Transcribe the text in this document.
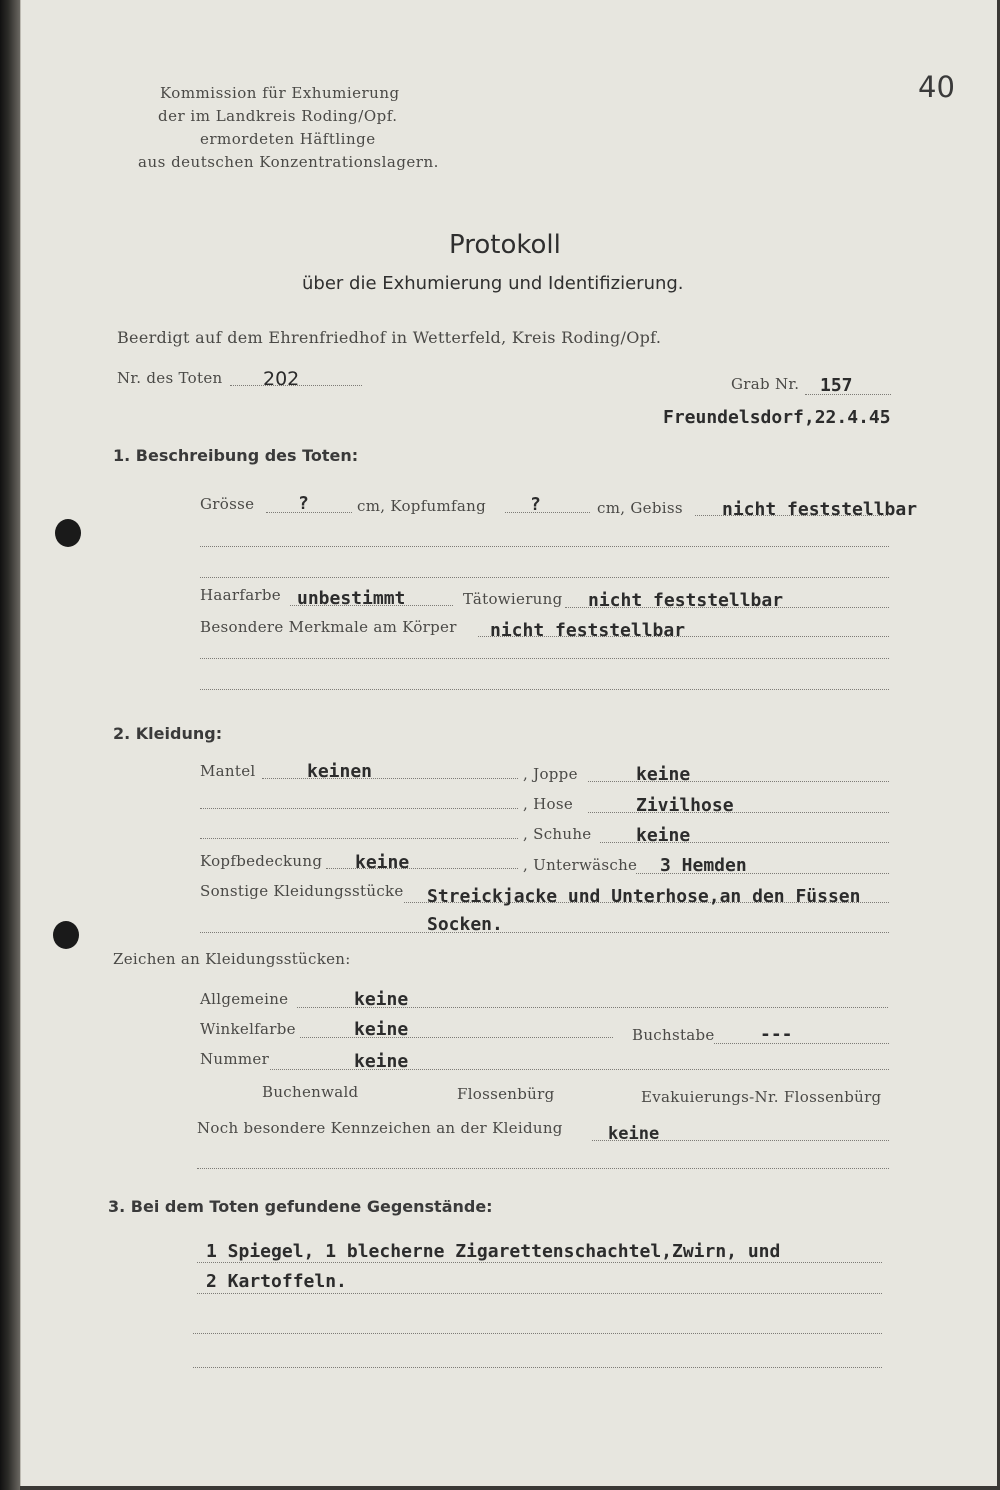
Kommission für Exhumierung
der im Landkreis Roding/Opf.
ermordeten Häftlinge
aus deutschen Konzentrationslagern.
40
Protokoll
über die Exhumierung und Identifizierung.
Beerdigt auf dem Ehrenfriedhof in Wetterfeld, Kreis Roding/Opf.
Nr. des Toten 202	Grab Nr. 157
Freundelsdorf,22.4.45
1. Beschreibung des Toten:
Grösse ?	cm, Kopfumfang ?	cm, Gebiss nicht feststellbar
Haarfarbe unbestimmt	Tätowierung nicht feststellbar
Besondere Merkmale am Körper nicht feststellbar
2. Kleidung:
Mantel	keinen	, Joppe	keine
, Hose	Zivilhose
, Schuhe keine
Kopfbedeckung keine	, Unterwäsche 3 Hemden
Sonstige Kleidungsstücke Streickjacke und Unterhose,an den Füssen
Socken.
Zeichen an Kleidungsstücken:
Allgemeine	keine
Winkelfarbe	keine	Buchstabe	---
Nummer	keine
Buchenwald	Flossenbürg	Evakuierungs-Nr. Flossenbürg
Noch besondere Kennzeichen an der Kleidung	keine
3. Bei dem Toten gefundene Gegenstände:
1 Spiegel, 1 blecherne Zigarettenschachtel,Zwirn, und
2 Kartoffeln.
